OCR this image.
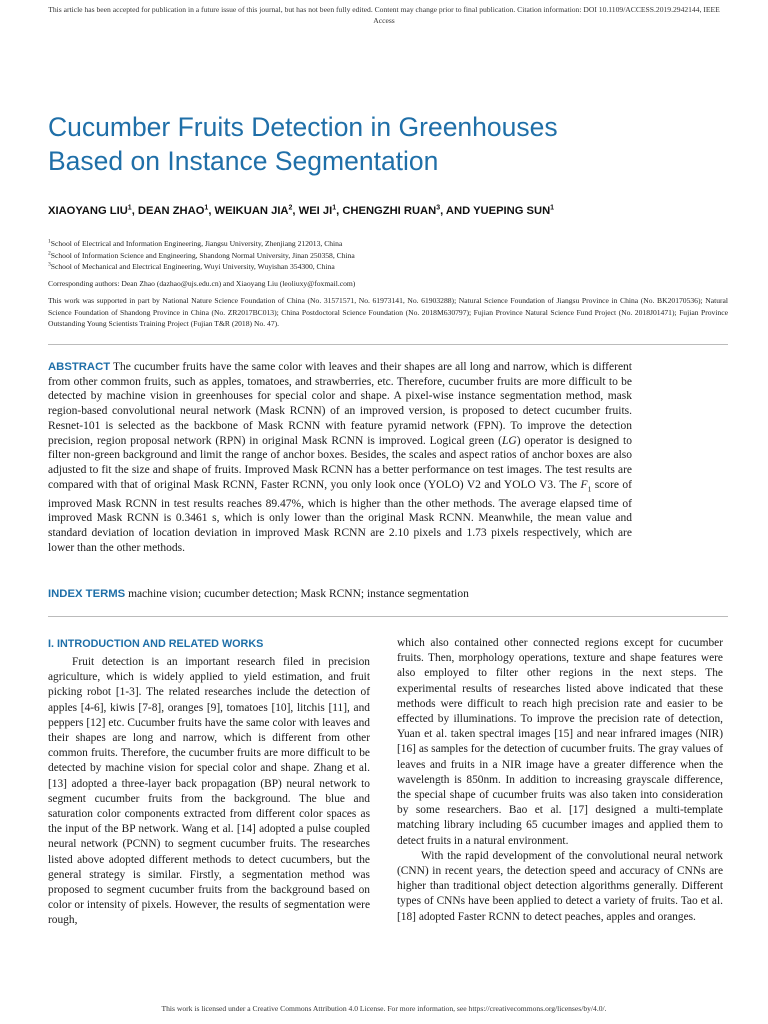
This article has been accepted for publication in a future issue of this journal, but has not been fully edited. Content may change prior to final publication. Citation information: DOI 10.1109/ACCESS.2019.2942144, IEEE
Access
Cucumber Fruits Detection in Greenhouses
Based on Instance Segmentation
XIAOYANG LIU$^1$, DEAN ZHAO$^1$, WEIKUAN JIA$^2$, WEI $JI^1$, CHENGZHI RUAN$^3$, AND YUEPING SUN$^1$
$^1$School of Electrical and Information Engineering, Jiangsu University, Zhenjiang 212013, China
$^2$School of Information Science and Engineering, Shandong Normal University, Jinan 250358, China
$^3$School of Mechanical and Electrical Engineering, Wuyi University, Wuyishan 354300, China
Corresponding authors: Dean Zhao (dazhao@ujs.edu.cn) and Xiaoyang Liu (leoliuxy@foxmail.com)
This work was supported in part by National Nature Science Foundation of China (No. 31571571, No. 61973141, No. 61903288); Natural Science Foundation of Jiangsu Province in China (No. BK20170536); Natural Science Foundation of Shandong Province in China (No. ZR2017BC013); China Postdoctoral Science Foundation (No. 2018M630797); Fujian Province Natural Science Fund Project (No. 2018J01471); Fujian Province Outstanding Young Scientists Training Project (Fujian T&R (2018) No. 47).
ABSTRACT The cucumber fruits have the same color with leaves and their shapes are all long and narrow, which is different from other common fruits, such as apples, tomatoes, and strawberries, etc. Therefore, cucumber fruits are more difficult to be detected by machine vision in greenhouses for special color and shape. A pixel-wise instance segmentation method, mask region-based convolutional neural network (Mask RCNN) of an improved version, is proposed to detect cucumber fruits. Resnet-101 is selected as the backbone of Mask RCNN with feature pyramid network (FPN). To improve the detection precision, region proposal network (RPN) in original Mask RCNN is improved. Logical green (LG) operator is designed to filter non-green background and limit the range of anchor boxes. Besides, the scales and aspect ratios of anchor boxes are also adjusted to fit the size and shape of fruits. Improved Mask RCNN has a better performance on test images. The test results are compared with that of original Mask RCNN, Faster RCNN, you only look once (YOLO) V2 and YOLO V3. The $F_1$ score of improved Mask RCNN in test results reaches 89.47%, which is higher than the other methods. The average elapsed time of improved Mask RCNN is 0.3461 s, which is only lower than the original Mask RCNN. Meanwhile, the mean value and standard deviation of location deviation in improved Mask RCNN are 2.10 pixels and 1.73 pixels respectively, which are lower than the other methods.
INDEX TERMS machine vision; cucumber detection; Mask RCNN; instance segmentation
I. INTRODUCTION AND RELATED WORKS

Fruit detection is an important research filed in precision agriculture, which is widely applied to yield estimation, and fruit picking robot [1-3]. The related researches include the detection of apples [4-6], kiwis [7-8], oranges [9], tomatoes [10], litchis [11], and peppers [12] etc. Cucumber fruits have the same color with leaves and their shapes are long and narrow, which is different from other common fruits. Therefore, the cucumber fruits are more difficult to be detected by machine vision for special color and shape. Zhang et al. [13] adopted a three-layer back propagation (BP) neural network to segment cucumber fruits from the background. The blue and saturation color components extracted from different color spaces as the input of the BP network. Wang et al. [14] adopted a pulse coupled neural network (PCNN) to segment cucumber fruits. The researches listed above adopted different methods to detect cucumbers, but the general strategy is similar. Firstly, a segmentation method was proposed to segment cucumber fruits from the background based on color or intensity of pixels. However, the results of segmentation were rough,

which also contained other connected regions except for cucumber fruits. Then, morphology operations, texture and shape features were also employed to filter other regions in the next steps. The experimental results of researches listed above indicated that these methods were difficult to reach high precision rate and easier to be effected by illuminations. To improve the precision rate of detection, Yuan et al. taken spectral images [15] and near infrared images (NIR) [16] as samples for the detection of cucumber fruits. The gray values of leaves and fruits in a NIR image have a greater difference when the wavelength is 850nm. In addition to increasing grayscale difference, the special shape of cucumber fruits was also taken into consideration by some researchers. Bao et al. [17] designed a multi-template matching library including 65 cucumber images and applied them to detect fruits in a natural environment.

With the rapid development of the convolutional neural network (CNN) in recent years, the detection speed and accuracy of CNNs are higher than traditional object detection algorithms generally. Different types of CNNs have been applied to detect a variety of fruits. Tao et al. [18] adopted Faster RCNN to detect peaches, apples and oranges.

This work is licensed under a Creative Commons Attribution 4.0 License. For more information, see https://creativecommons.org/licenses/by/4.0/.
